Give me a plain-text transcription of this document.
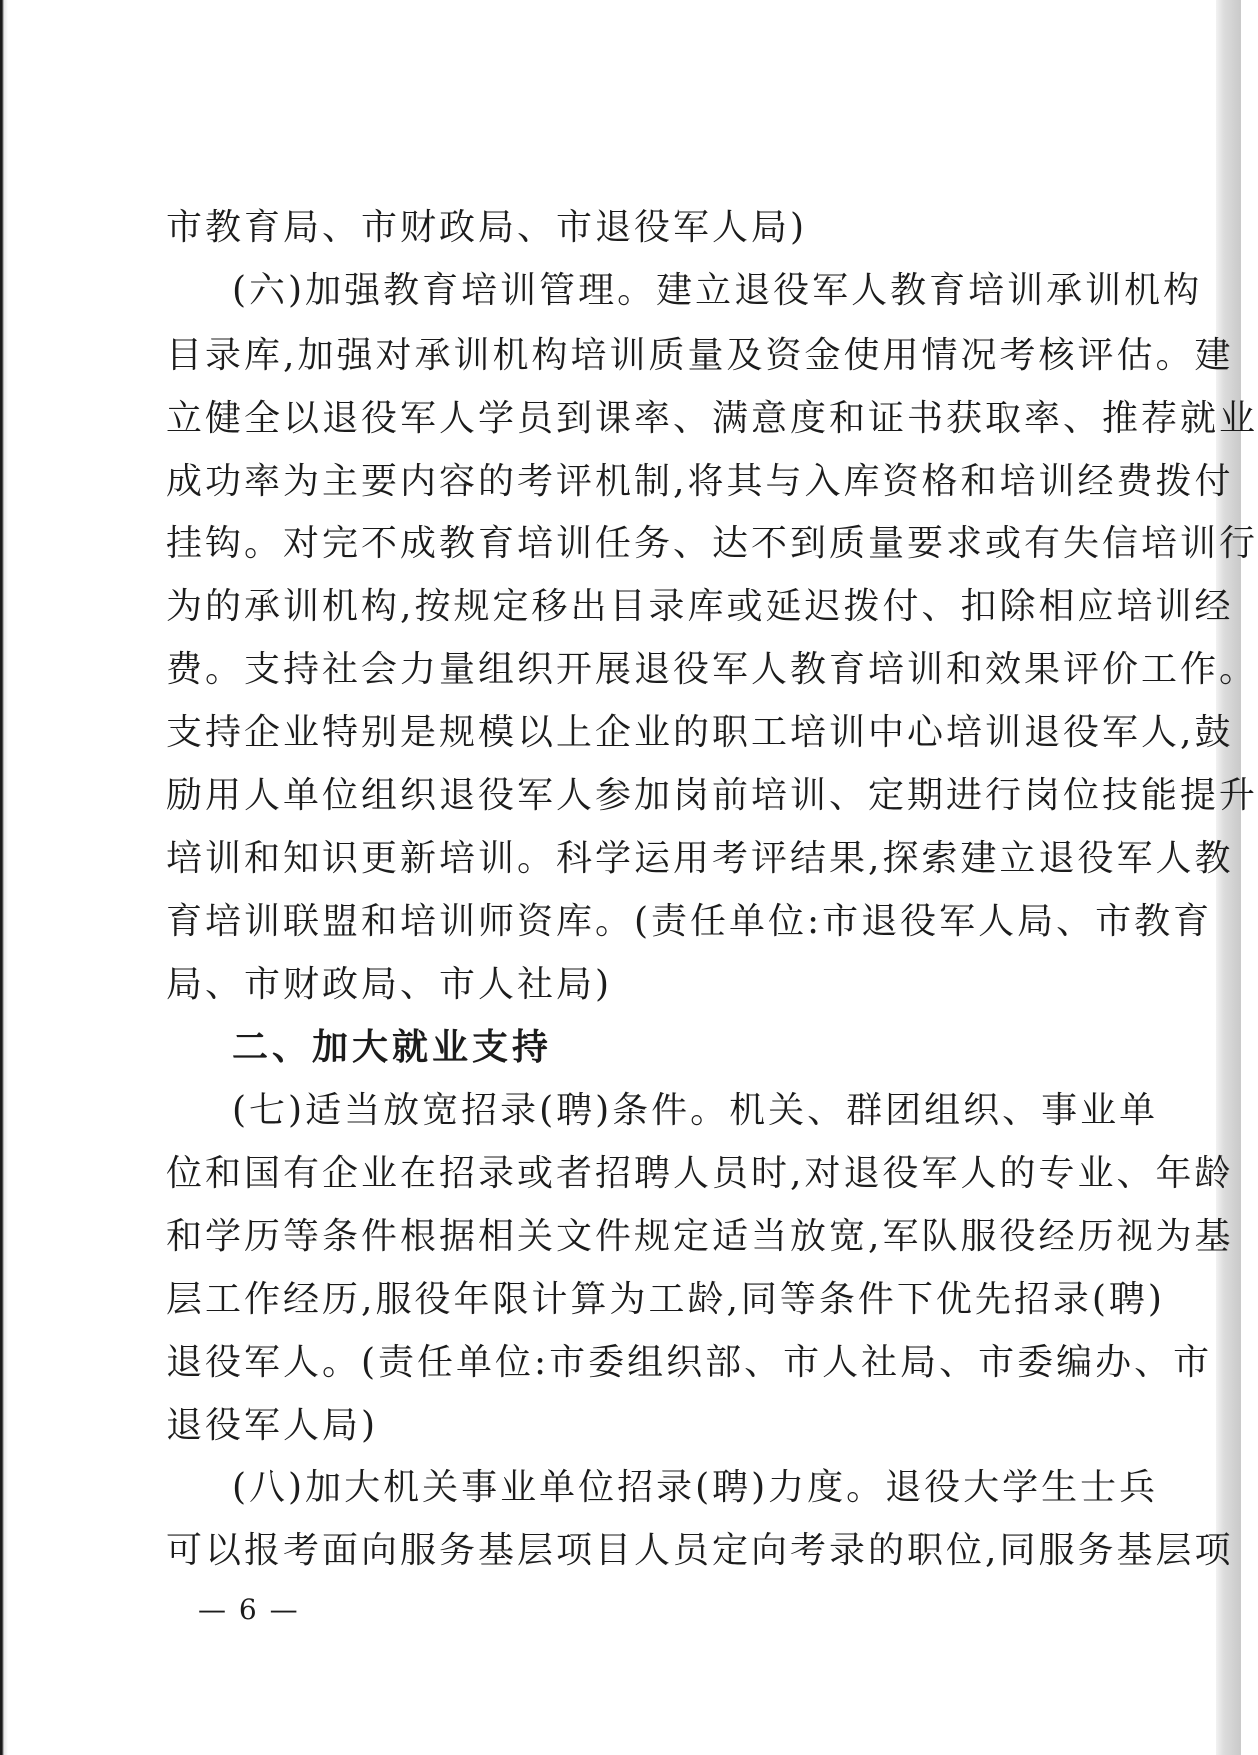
市教育局、市财政局、市退役军人局)
(六)加强教育培训管理。建立退役军人教育培训承训机构
目录库,加强对承训机构培训质量及资金使用情况考核评估。建
立健全以退役军人学员到课率、满意度和证书获取率、推荐就业
成功率为主要内容的考评机制,将其与入库资格和培训经费拨付
挂钩。对完不成教育培训任务、达不到质量要求或有失信培训行
为的承训机构,按规定移出目录库或延迟拨付、扣除相应培训经
费。支持社会力量组织开展退役军人教育培训和效果评价工作。
支持企业特别是规模以上企业的职工培训中心培训退役军人,鼓
励用人单位组织退役军人参加岗前培训、定期进行岗位技能提升
培训和知识更新培训。科学运用考评结果,探索建立退役军人教
育培训联盟和培训师资库。(责任单位:市退役军人局、市教育
局、市财政局、市人社局)
二、加大就业支持
(七)适当放宽招录(聘)条件。机关、群团组织、事业单
位和国有企业在招录或者招聘人员时,对退役军人的专业、年龄
和学历等条件根据相关文件规定适当放宽,军队服役经历视为基
层工作经历,服役年限计算为工龄,同等条件下优先招录(聘)
退役军人。(责任单位:市委组织部、市人社局、市委编办、市
退役军人局)
(八)加大机关事业单位招录(聘)力度。退役大学生士兵
可以报考面向服务基层项目人员定向考录的职位,同服务基层项
— 6 —
